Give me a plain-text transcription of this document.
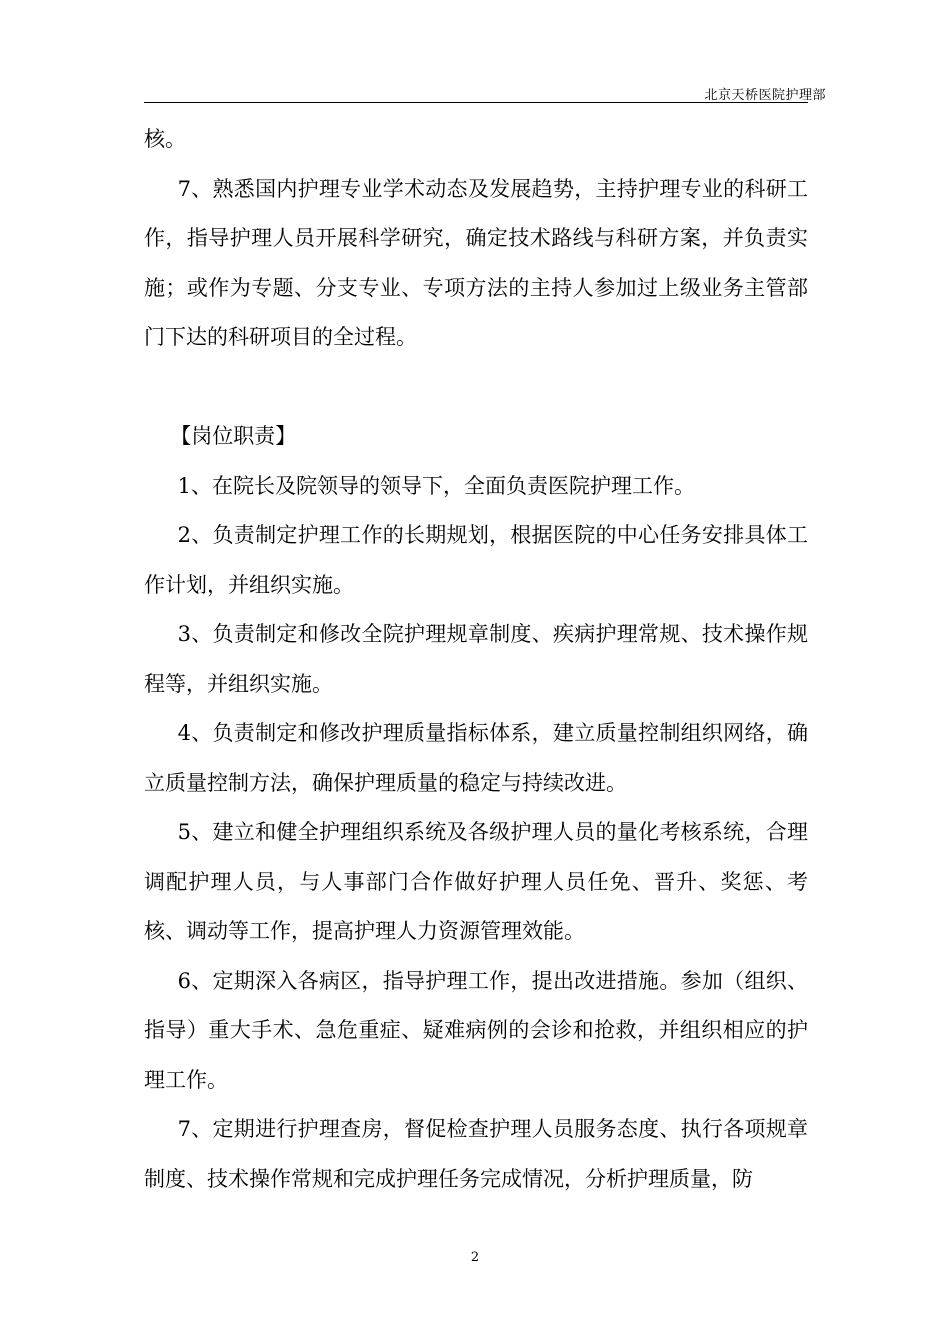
北京天桥医院护理部

核。

7、熟悉国内护理专业学术动态及发展趋势，主持护理专业的科研工作，指导护理人员开展科学研究，确定技术路线与科研方案，并负责实施；或作为专题、分支专业、专项方法的主持人参加过上级业务主管部门下达的科研项目的全过程。

【岗位职责】

1、在院长及院领导的领导下，全面负责医院护理工作。

2、负责制定护理工作的长期规划，根据医院的中心任务安排具体工作计划，并组织实施。

3、负责制定和修改全院护理规章制度、疾病护理常规、技术操作规程等，并组织实施。

4、负责制定和修改护理质量指标体系，建立质量控制组织网络，确立质量控制方法，确保护理质量的稳定与持续改进。

5、建立和健全护理组织系统及各级护理人员的量化考核系统，合理调配护理人员，与人事部门合作做好护理人员任免、晋升、奖惩、考核、调动等工作，提高护理人力资源管理效能。

6、定期深入各病区，指导护理工作，提出改进措施。参加（组织、指导）重大手术、急危重症、疑难病例的会诊和抢救，并组织相应的护理工作。

7、定期进行护理查房，督促检查护理人员服务态度、执行各项规章制度、技术操作常规和完成护理任务完成情况，分析护理质量，防

2
